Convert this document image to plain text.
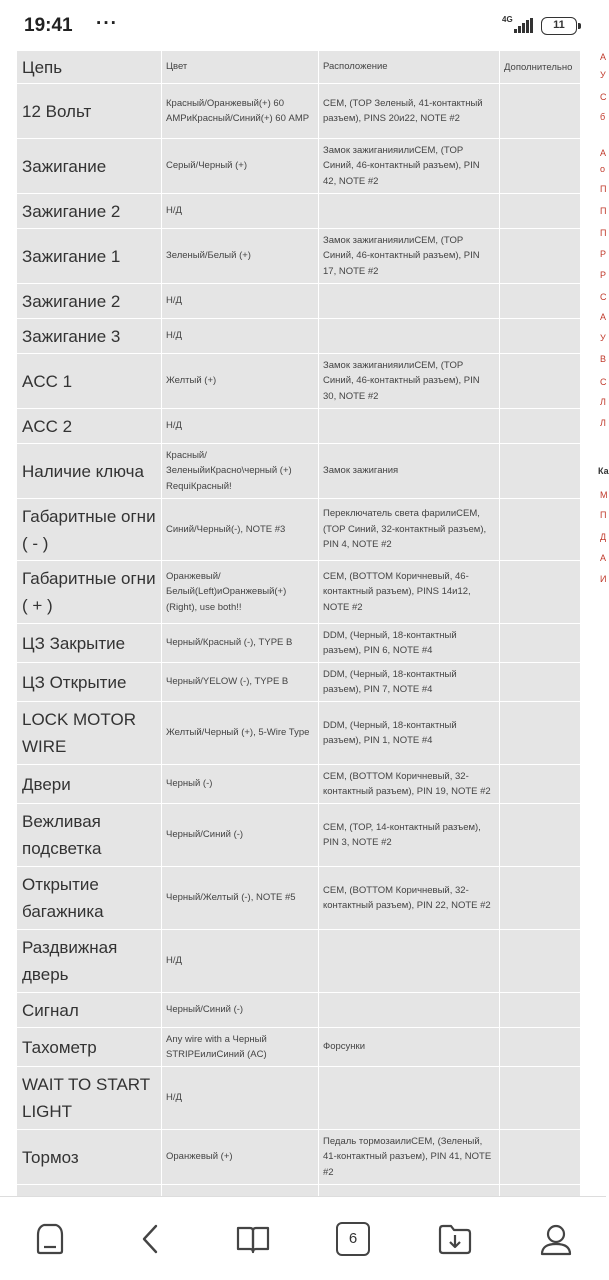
19:41 ···	4G	11
Цепь	Цвет	Расположение	Дополнительно
12 Вольт	Красный/Оранжевый(+) 60 АМРиКрасный/Синий(+) 60 АМР	CEM, (TOP Зеленый, 41-контактный разъем), PINS 20и22, NOTE #2	
Зажигание	Серый/Черный (+)	Замок зажиганияилиCEM, (TOP Синий, 46-контактный разъем), PIN 42, NOTE #2	
Зажигание 2	Н/Д		
Зажигание 1	Зеленый/Белый (+)	Замок зажиганияилиCEM, (TOP Синий, 46-контактный разъем), PIN 17, NOTE #2	
Зажигание 2	Н/Д		
Зажигание 3	Н/Д		
ACC 1	Желтый (+)	Замок зажиганияилиCEM, (TOP Синий, 46-контактный разъем), PIN 30, NOTE #2	
ACC 2	Н/Д		
Наличие ключа	Красный/ ЗеленыйиКрасно\черный (+) RequiКрасный!	Замок зажигания	
Габаритные огни ( - )	Синий/Черный(-), NOTE #3	Переключатель света фарилиCEM, (TOP Синий, 32-контактный разъем), PIN 4, NOTE #2	
Габаритные огни ( + )	Оранжевый/ Белый(Left)иОранжевый(+) (Right), use both!!	CEM, (BOTTOM Коричневый, 46-контактный разъем), PINS 14и12, NOTE #2	
ЦЗ Закрытие	Черный/Красный (-), TYPE B	DDM, (Черный, 18-контактный разъем), PIN 6, NOTE #4	
ЦЗ Открытие	Черный/YELOW (-), TYPE B	DDM, (Черный, 18-контактный разъем), PIN 7, NOTE #4	
LOCK MOTOR WIRE	Желтый/Черный (+), 5-Wire Type	DDM, (Черный, 18-контактный разъем), PIN 1, NOTE #4	
Двери	Черный (-)	CEM, (BOTTOM Коричневый, 32-контактный разъем), PIN 19, NOTE #2	
Вежливая подсветка	Черный/Синий (-)	CEM, (TOP, 14-контактный разъем), PIN 3, NOTE #2	
Открытие багажника	Черный/Желтый (-), NOTE #5	CEM, (BOTTOM Коричневый, 32-контактный разъем), PIN 22, NOTE #2	
Раздвижная дверь	Н/Д		
Сигнал	Черный/Синий (-)		
Тахометр	Any wire with a Черный STRIPEилиСиний (AC)	Форсунки	
WAIT TO START LIGHT	Н/Д		
Тормоз	Оранжевый (+)	Педаль тормозаилиCEM, (Зеленый, 41-контактный разъем), PIN 41, NOTE #2	

А
У
С
б
А
о
П
П
П
Р
Р
С
А
У
В
С
Л
Л
Ка
М
П
Д
А
И
6
